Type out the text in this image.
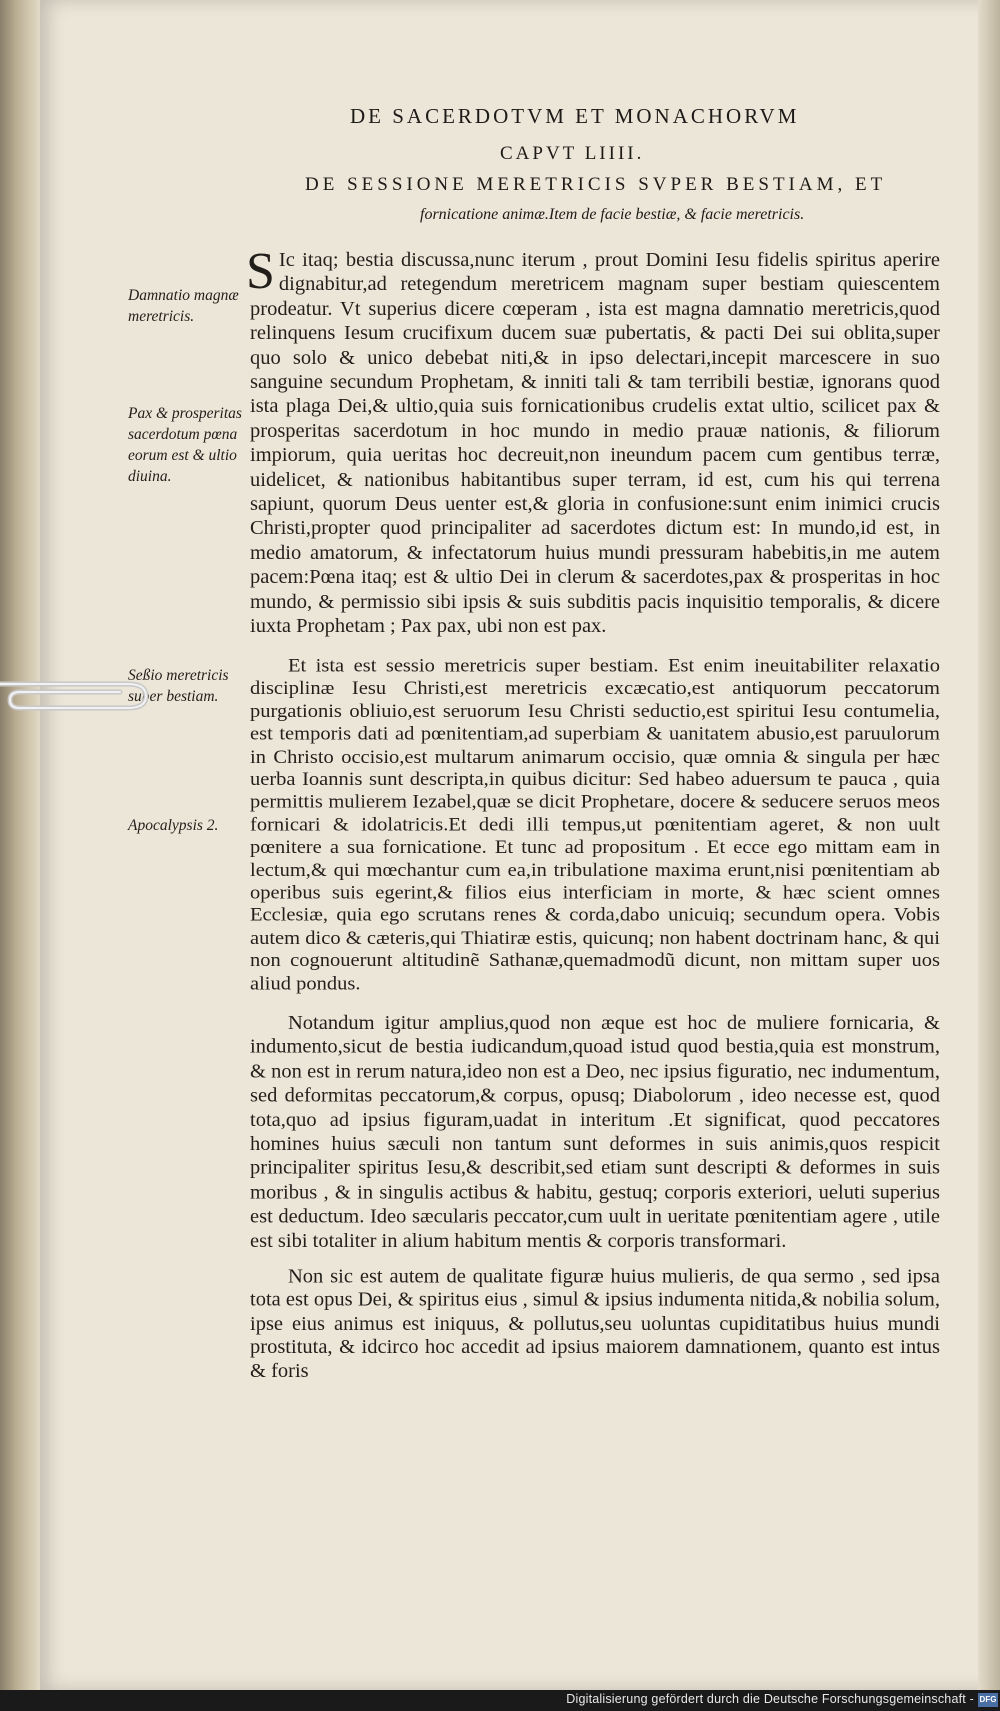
DE SACERDOTVM ET MONACHORVM
CAPVT LIIII.
DE SESSIONE MERETRICIS SVPER BESTIAM, ET
fornicatione animæ.Item de facie bestiæ, & facie meretricis.
Damnatio magnæ meretricis.
Pax & prosperitas sacerdotum pœna eorum est & ultio diuina.
Seßio meretricis super bestiam.
Apocalypsis 2.
S Ic itaq; bestia discussa,nunc iterum , prout Domini Iesu fidelis spiritus aperire dignabitur,ad retegendum meretricem magnam super bestiam quiescentem prodeatur. Vt superius dicere cœperam , ista est magna damnatio meretricis,quod relinquens Iesum crucifixum ducem suæ pubertatis, & pacti Dei sui oblita,super quo solo & unico debebat niti,& in ipso delectari,incepit marcescere in suo sanguine secundum Prophetam, & inniti tali & tam terribili bestiæ, ignorans quod ista plaga Dei,& ultio,quia suis fornicationibus crudelis extat ultio, scilicet pax & prosperitas sacerdotum in hoc mundo in medio prauæ nationis, & filiorum impiorum, quia ueritas hoc decreuit,non ineundum pacem cum gentibus terræ, uidelicet, & nationibus habitantibus super terram, id est, cum his qui terrena sapiunt, quorum Deus uenter est,& gloria in confusione:sunt enim inimici crucis Christi,propter quod principaliter ad sacerdotes dictum est: In mundo,id est, in medio amatorum, & infectatorum huius mundi pressuram habebitis,in me autem pacem:Pœna itaq; est & ultio Dei in clerum & sacerdotes,pax & prosperitas in hoc mundo, & permissio sibi ipsis & suis subditis pacis inquisitio temporalis, & dicere iuxta Prophetam ; Pax pax, ubi non est pax.
Et ista est sessio meretricis super bestiam. Est enim ineuitabiliter relaxatio disciplinæ Iesu Christi,est meretricis excæcatio,est antiquorum peccatorum purgationis obliuio,est seruorum Iesu Christi seductio,est spiritui Iesu contumelia, est temporis dati ad pœnitentiam,ad superbiam & uanitatem abusio,est paruulorum in Christo occisio,est multarum animarum occisio, quæ omnia & singula per hæc uerba Ioannis sunt descripta,in quibus dicitur: Sed habeo aduersum te pauca , quia permittis mulierem Iezabel,quæ se dicit Prophetare, docere & seducere seruos meos fornicari & idolatricis.Et dedi illi tempus,ut pœnitentiam ageret, & non uult pœnitere a sua fornicatione. Et tunc ad propositum . Et ecce ego mittam eam in lectum,& qui mœchantur cum ea,in tribulatione maxima erunt,nisi pœnitentiam ab operibus suis egerint,& filios eius interficiam in morte, & hæc scient omnes Ecclesiæ, quia ego scrutans renes & corda,dabo unicuiq; secundum opera. Vobis autem dico & cæteris,qui Thiatiræ estis, quicunq; non habent doctrinam hanc, & qui non cognouerunt altitudinẽ Sathanæ,quemadmodũ dicunt, non mittam super uos aliud pondus.
Notandum igitur amplius,quod non æque est hoc de muliere fornicaria, & indumento,sicut de bestia iudicandum,quoad istud quod bestia,quia est monstrum, & non est in rerum natura,ideo non est a Deo, nec ipsius figuratio, nec indumentum, sed deformitas peccatorum,& corpus, opusq; Diabolorum , ideo necesse est, quod tota,quo ad ipsius figuram,uadat in interitum .Et significat, quod peccatores homines huius sæculi non tantum sunt deformes in suis animis,quos respicit principaliter spiritus Iesu,& describit,sed etiam sunt descripti & deformes in suis moribus , & in singulis actibus & habitu, gestuq; corporis exteriori, ueluti superius est deductum. Ideo sæcularis peccator,cum uult in ueritate pœnitentiam agere , utile est sibi totaliter in alium habitum mentis & corporis transformari.
Non sic est autem de qualitate figuræ huius mulieris, de qua sermo , sed ipsa tota est opus Dei, & spiritus eius , simul & ipsius indumenta nitida,& nobilia solum, ipse eius animus est iniquus, & pollutus,seu uoluntas cupiditatibus huius mundi prostituta, & idcirco hoc accedit ad ipsius maiorem damnationem, quanto est intus & foris
Digitalisierung gefördert durch die Deutsche Forschungsgemeinschaft - DFG
